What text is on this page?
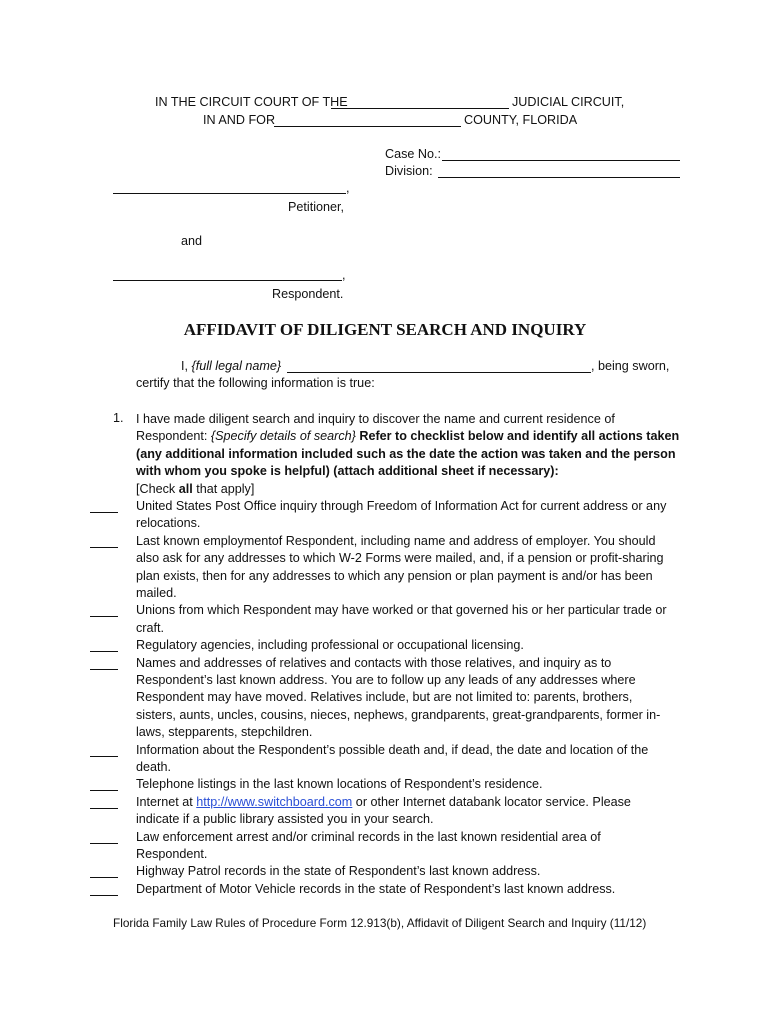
IN THE CIRCUIT COURT OF THE	JUDICIAL CIRCUIT,
IN AND FOR	COUNTY, FLORIDA
Case No.:
Division:
,
Petitioner,
and
,
Respondent.
AFFIDAVIT OF DILIGENT SEARCH AND INQUIRY
I, {full legal name}	, being sworn,
certify that the following information is true:
1. I have made diligent search and inquiry to discover the name and current residence of
Respondent: {Specify details of search} Refer to checklist below and identify all actions taken
(any additional information included such as the date the action was taken and the person
with whom you spoke is helpful) (attach additional sheet if necessary):
[Check all that apply]
United States Post Office inquiry through Freedom of Information Act for current address or any
relocations.
Last known employmentof Respondent, including name and address of employer. You should
also ask for any addresses to which W-2 Forms were mailed, and, if a pension or profit-sharing
plan exists, then for any addresses to which any pension or plan payment is and/or has been
mailed.
Unions from which Respondent may have worked or that governed his or her particular trade or
craft.
Regulatory agencies, including professional or occupational licensing.
Names and addresses of relatives and contacts with those relatives, and inquiry as to
Respondent’s last known address. You are to follow up any leads of any addresses where
Respondent may have moved. Relatives include, but are not limited to: parents, brothers,
sisters, aunts, uncles, cousins, nieces, nephews, grandparents, great-grandparents, former in-
laws, stepparents, stepchildren.
Information about the Respondent’s possible death and, if dead, the date and location of the
death.
Telephone listings in the last known locations of Respondent’s residence.
Internet at http://www.switchboard.com or other Internet databank locator service. Please
indicate if a public library assisted you in your search.
Law enforcement arrest and/or criminal records in the last known residential area of
Respondent.
Highway Patrol records in the state of Respondent’s last known address.
Department of Motor Vehicle records in the state of Respondent’s last known address.
Florida Family Law Rules of Procedure Form 12.913(b), Affidavit of Diligent Search and Inquiry (11/12)
